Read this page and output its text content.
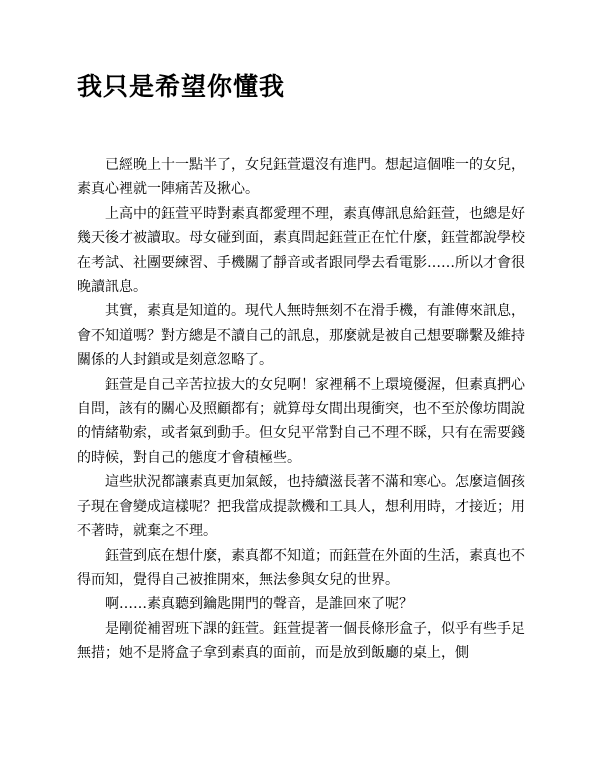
我只是希望你懂我

已經晚上十一點半了，女兒鈺萱還沒有進門。想起這個唯一的女兒，素真心裡就一陣痛苦及揪心。

上高中的鈺萱平時對素真都愛理不理，素真傳訊息給鈺萱，也總是好幾天後才被讀取。母女碰到面，素真問起鈺萱正在忙什麼，鈺萱都說學校在考試、社團要練習、手機關了靜音或者跟同學去看電影……所以才會很晚讀訊息。

其實，素真是知道的。現代人無時無刻不在滑手機，有誰傳來訊息，會不知道嗎？對方總是不讀自己的訊息，那麼就是被自己想要聯繫及維持關係的人封鎖或是刻意忽略了。

鈺萱是自己辛苦拉拔大的女兒啊！家裡稱不上環境優渥，但素真捫心自問，該有的關心及照顧都有；就算母女間出現衝突，也不至於像坊間說的情緒勒索，或者氣到動手。但女兒平常對自己不理不睬，只有在需要錢的時候，對自己的態度才會積極些。

這些狀況都讓素真更加氣餒，也持續滋長著不滿和寒心。怎麼這個孩子現在會變成這樣呢？把我當成提款機和工具人，想利用時，才接近；用不著時，就棄之不理。

鈺萱到底在想什麼，素真都不知道；而鈺萱在外面的生活，素真也不得而知，覺得自己被推開來，無法參與女兒的世界。

啊……素真聽到鑰匙開門的聲音，是誰回來了呢？

是剛從補習班下課的鈺萱。鈺萱提著一個長條形盒子，似乎有些手足無措；她不是將盒子拿到素真的面前，而是放到飯廳的桌上，側
